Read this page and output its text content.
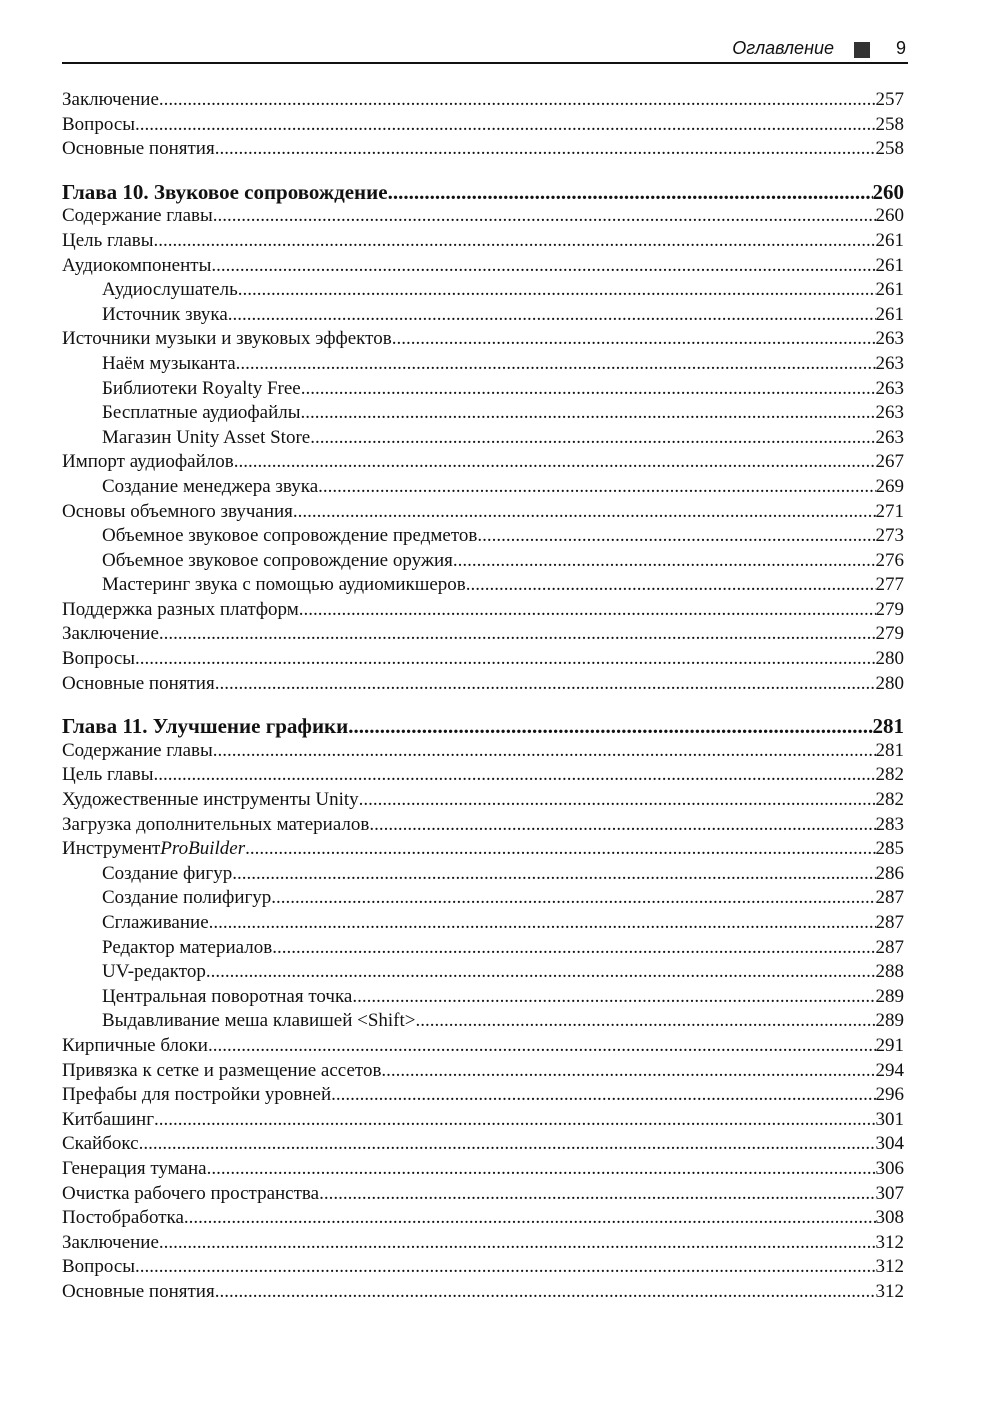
Оглавление	9
Заключение .....	257
Вопросы .....	258
Основные понятия .....	258
Глава 10. Звуковое сопровождение .....	260
Содержание главы .....	260
Цель главы .....	261
Аудиокомпоненты .....	261
Аудиослушатель .....	261
Источник звука .....	261
Источники музыки и звуковых эффектов .....	263
Наём музыканта .....	263
Библиотеки Royalty Free .....	263
Бесплатные аудиофайлы .....	263
Магазин Unity Asset Store .....	263
Импорт аудиофайлов .....	267
Создание менеджера звука .....	269
Основы объемного звучания .....	271
Объемное звуковое сопровождение предметов .....	273
Объемное звуковое сопровождение оружия .....	276
Мастеринг звука с помощью аудиомикшеров .....	277
Поддержка разных платформ .....	279
Заключение .....	279
Вопросы .....	280
Основные понятия .....	280
Глава 11. Улучшение графики .....	281
Содержание главы .....	281
Цель главы .....	282
Художественные инструменты Unity .....	282
Загрузка дополнительных материалов .....	283
Инструмент ProBuilder .....	285
Создание фигур .....	286
Создание полифигур .....	287
Сглаживание .....	287
Редактор материалов .....	287
UV-редактор .....	288
Центральная поворотная точка .....	289
Выдавливание меша клавишей <Shift> .....	289
Кирпичные блоки .....	291
Привязка к сетке и размещение ассетов .....	294
Префабы для постройки уровней .....	296
Китбашинг .....	301
Скайбокс .....	304
Генерация тумана .....	306
Очистка рабочего пространства .....	307
Постобработка .....	308
Заключение .....	312
Вопросы .....	312
Основные понятия .....	312
